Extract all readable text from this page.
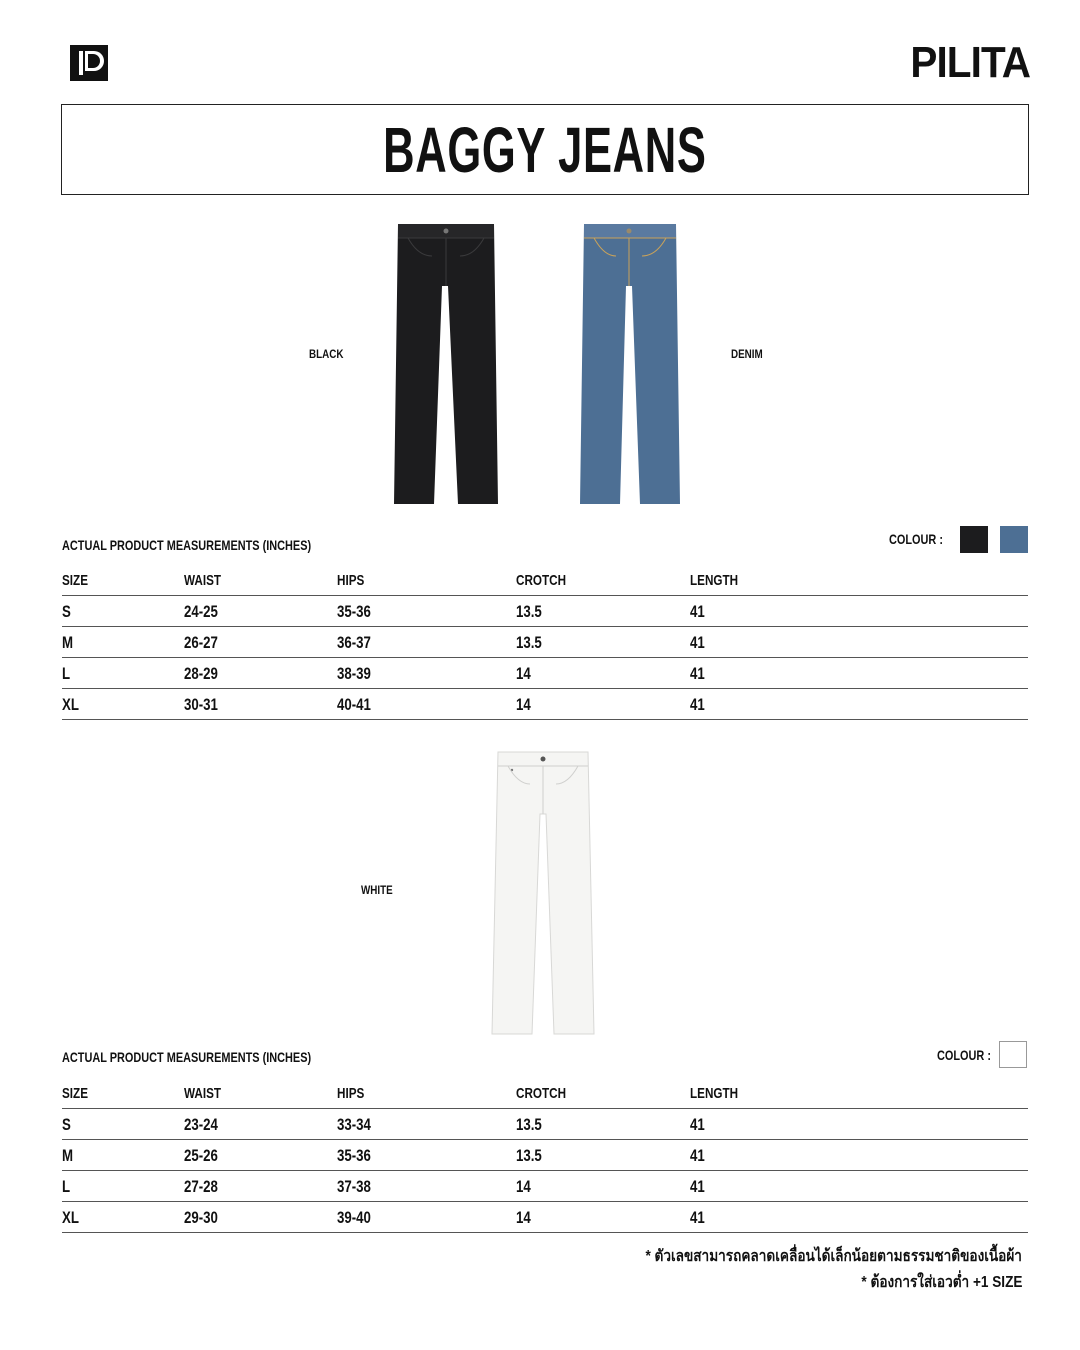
PILITA
BAGGY JEANS
BLACK	DENIM
ACTUAL PRODUCT MEASUREMENTS (INCHES)	COLOUR :
SIZE	WAIST	HIPS	CROTCH	LENGTH
S	24-25	35-36	13.5	41
M	26-27	36-37	13.5	41
L	28-29	38-39	14	41
XL	30-31	40-41	14	41
WHITE
ACTUAL PRODUCT MEASUREMENTS (INCHES)	COLOUR :
SIZE	WAIST	HIPS	CROTCH	LENGTH
S	23-24	33-34	13.5	41
M	25-26	35-36	13.5	41
L	27-28	37-38	14	41
XL	29-30	39-40	14	41
* ตัวเลขสามารถคลาดเคลื่อนได้เล็กน้อยตามธรรมชาติของเนื้อผ้า
* ต้องการใส่เอวต่ำ +1 SIZE
